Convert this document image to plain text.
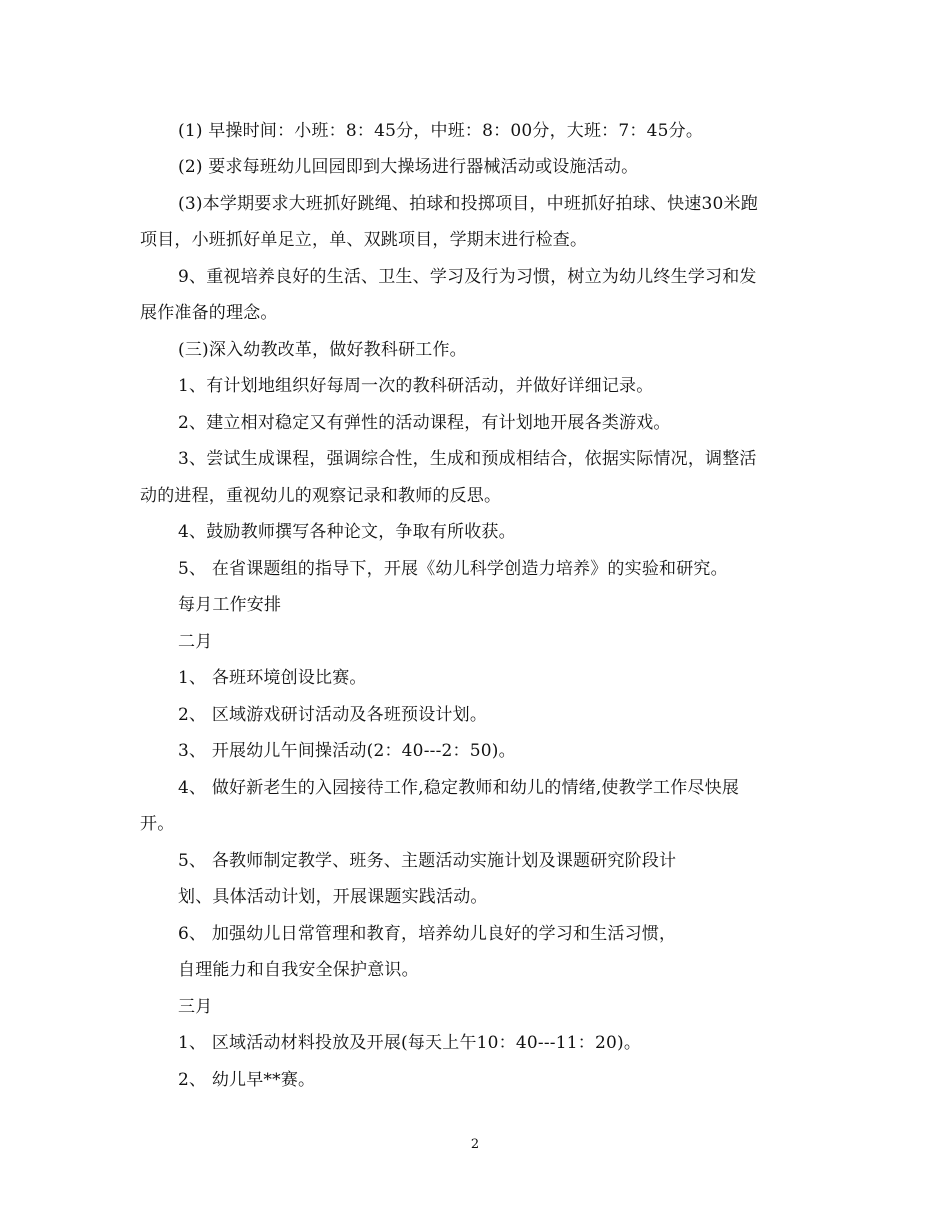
(1) 早操时间：小班：8：45分，中班：8：00分，大班：7：45分。
(2) 要求每班幼儿回园即到大操场进行器械活动或设施活动。
(3)本学期要求大班抓好跳绳、拍球和投掷项目，中班抓好拍球、快速30米跑
项目，小班抓好单足立，单、双跳项目，学期末进行检查。
9、重视培养良好的生活、卫生、学习及行为习惯，树立为幼儿终生学习和发
展作准备的理念。
(三)深入幼教改革，做好教科研工作。
1、有计划地组织好每周一次的教科研活动，并做好详细记录。
2、建立相对稳定又有弹性的活动课程，有计划地开展各类游戏。
3、尝试生成课程，强调综合性，生成和预成相结合，依据实际情况，调整活
动的进程，重视幼儿的观察记录和教师的反思。
4、鼓励教师撰写各种论文，争取有所收获。
5、 在省课题组的指导下，开展《幼儿科学创造力培养》的实验和研究。
每月工作安排
二月
1、 各班环境创设比赛。
2、 区域游戏研讨活动及各班预设计划。
3、 开展幼儿午间操活动(2：40---2：50)。
4、 做好新老生的入园接待工作,稳定教师和幼儿的情绪,使教学工作尽快展
开。
5、 各教师制定教学、班务、主题活动实施计划及课题研究阶段计
划、具体活动计划，开展课题实践活动。
6、 加强幼儿日常管理和教育，培养幼儿良好的学习和生活习惯，
自理能力和自我安全保护意识。
三月
1、 区域活动材料投放及开展(每天上午10：40---11：20)。
2、 幼儿早**赛。
2
